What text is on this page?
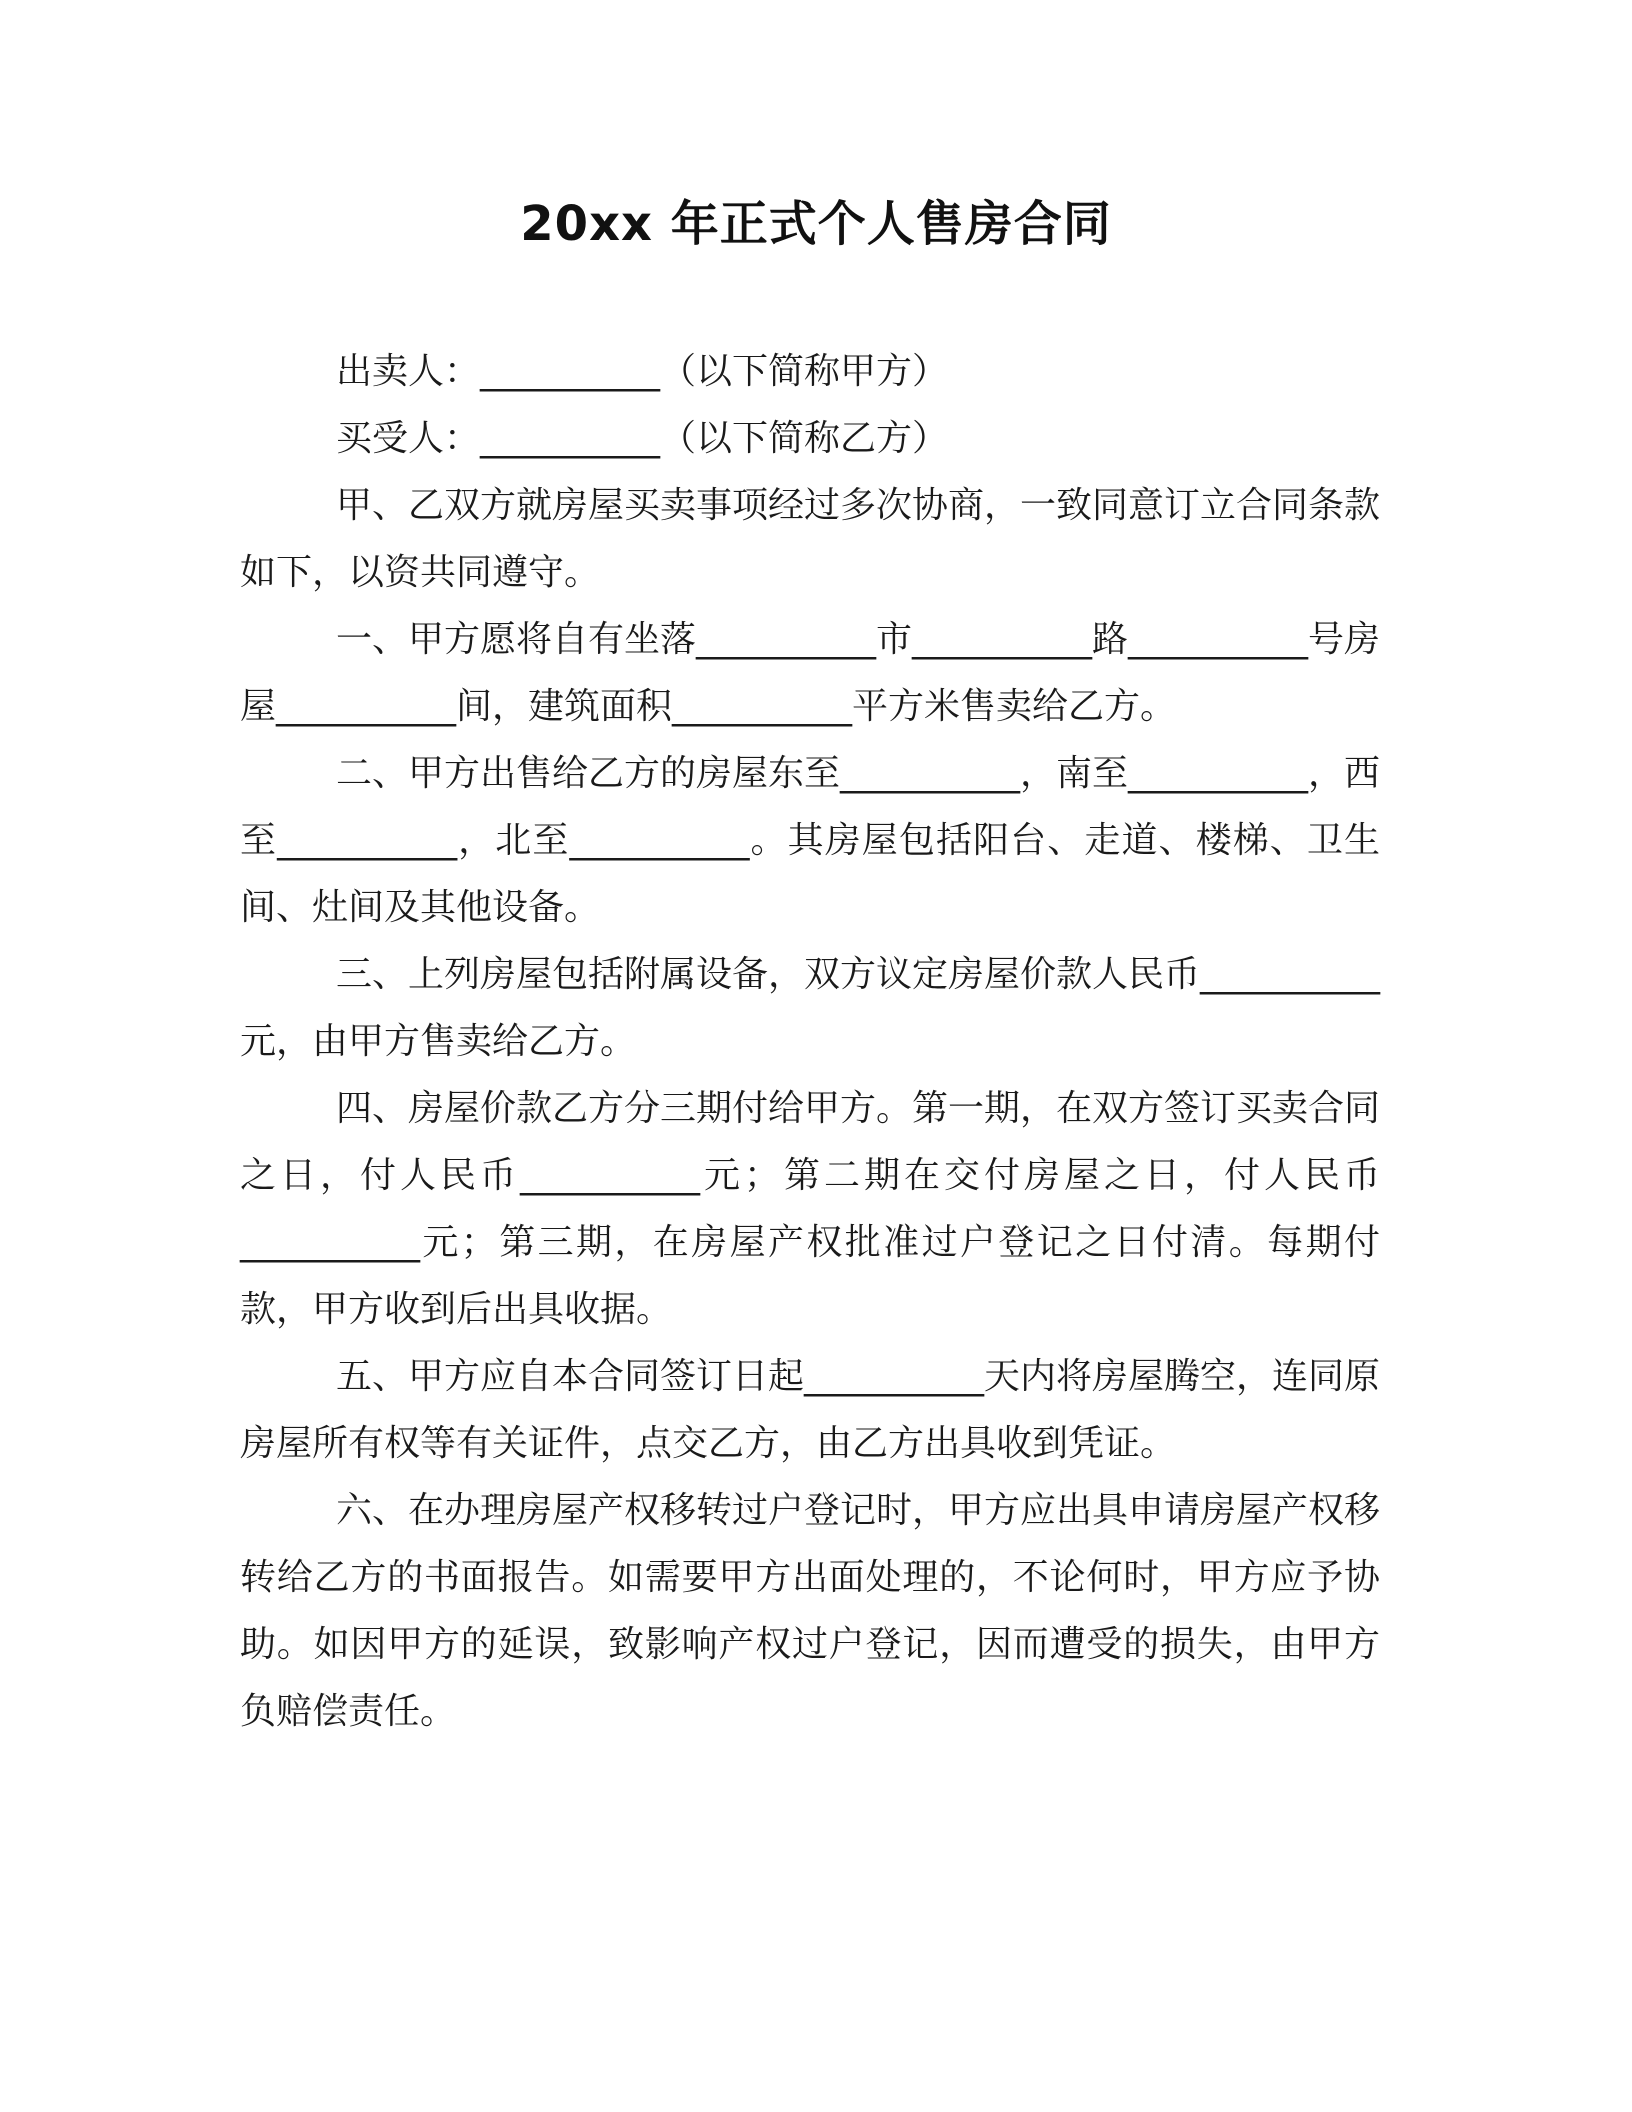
20xx 年正式个人售房合同

出卖人：__________（以下简称甲方）

买受人：__________（以下简称乙方）

甲、乙双方就房屋买卖事项经过多次协商，一致同意订立合同条款如下，以资共同遵守。

一、甲方愿将自有坐落__________市__________路__________号房屋__________间，建筑面积__________平方米售卖给乙方。

二、甲方出售给乙方的房屋东至__________，南至__________，西至__________，北至__________。其房屋包括阳台、走道、楼梯、卫生间、灶间及其他设备。

三、上列房屋包括附属设备，双方议定房屋价款人民币__________元，由甲方售卖给乙方。

四、房屋价款乙方分三期付给甲方。第一期，在双方签订买卖合同之日，付人民币__________元；第二期在交付房屋之日，付人民币__________元；第三期，在房屋产权批准过户登记之日付清。每期付款，甲方收到后出具收据。

五、甲方应自本合同签订日起__________天内将房屋腾空，连同原房屋所有权等有关证件，点交乙方，由乙方出具收到凭证。

六、在办理房屋产权移转过户登记时，甲方应出具申请房屋产权移转给乙方的书面报告。如需要甲方出面处理的，不论何时，甲方应予协助。如因甲方的延误，致影响产权过户登记，因而遭受的损失，由甲方负赔偿责任。
